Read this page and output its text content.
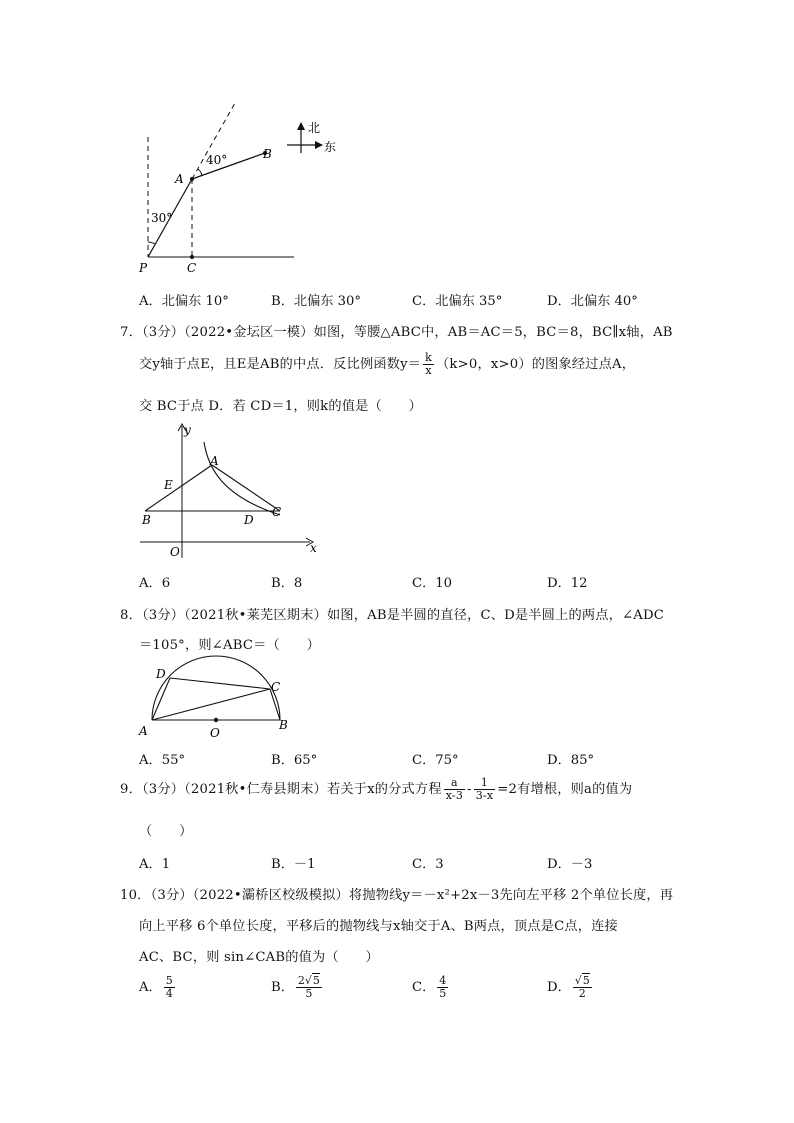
北
东
40°
30°
A
B
P	C
A．北偏东 10°	B．北偏东 30°	C．北偏东 35°	D．北偏东 40°
7．（3分）（2022•金坛区一模）如图，等腰△ABC中，AB＝AC＝5，BC＝8，BC∥x轴，AB
交y轴于点E，且E是AB的中点．反比例函数$y= \frac{k}{x} (k>0$，x>0）的图象经过点A，
交 BC于点 D．若 CD＝1，则k的值是（　　）
y
x
O
A
B
C
D
E
A．6	B．8	C．10	D．12
8．（3分）（2021秋•莱芜区期末）如图，AB是半圆的直径，C、D是半圆上的两点，∠ADC
＝105°，则∠ABC＝（　　）
A	B
C
D
O
A．55°	B．65°	C．75°	D．85°
9．（3分）（2021秋•仁寿县期末）若关于x的分式方程 $\frac{a}{x-3} - \frac{1}{3-x} =2$有增根，则a的值为
（　　）
A．1	B．－1	C．3	D．－3
10．（3分）（2022•灞桥区校级模拟）将抛物线y＝－x²+2x－3先向左平移 2个单位长度，再
向上平移 6个单位长度，平移后的抛物线与x轴交于A、B两点，顶点是C点，连接
AC、BC，则 sin∠CAB的值为（　　）
A． $\frac{5}{4}$	B． $\frac{2√5}{5}$	C． $\frac{4}{5}$	D． $\frac{√5}{2}$
